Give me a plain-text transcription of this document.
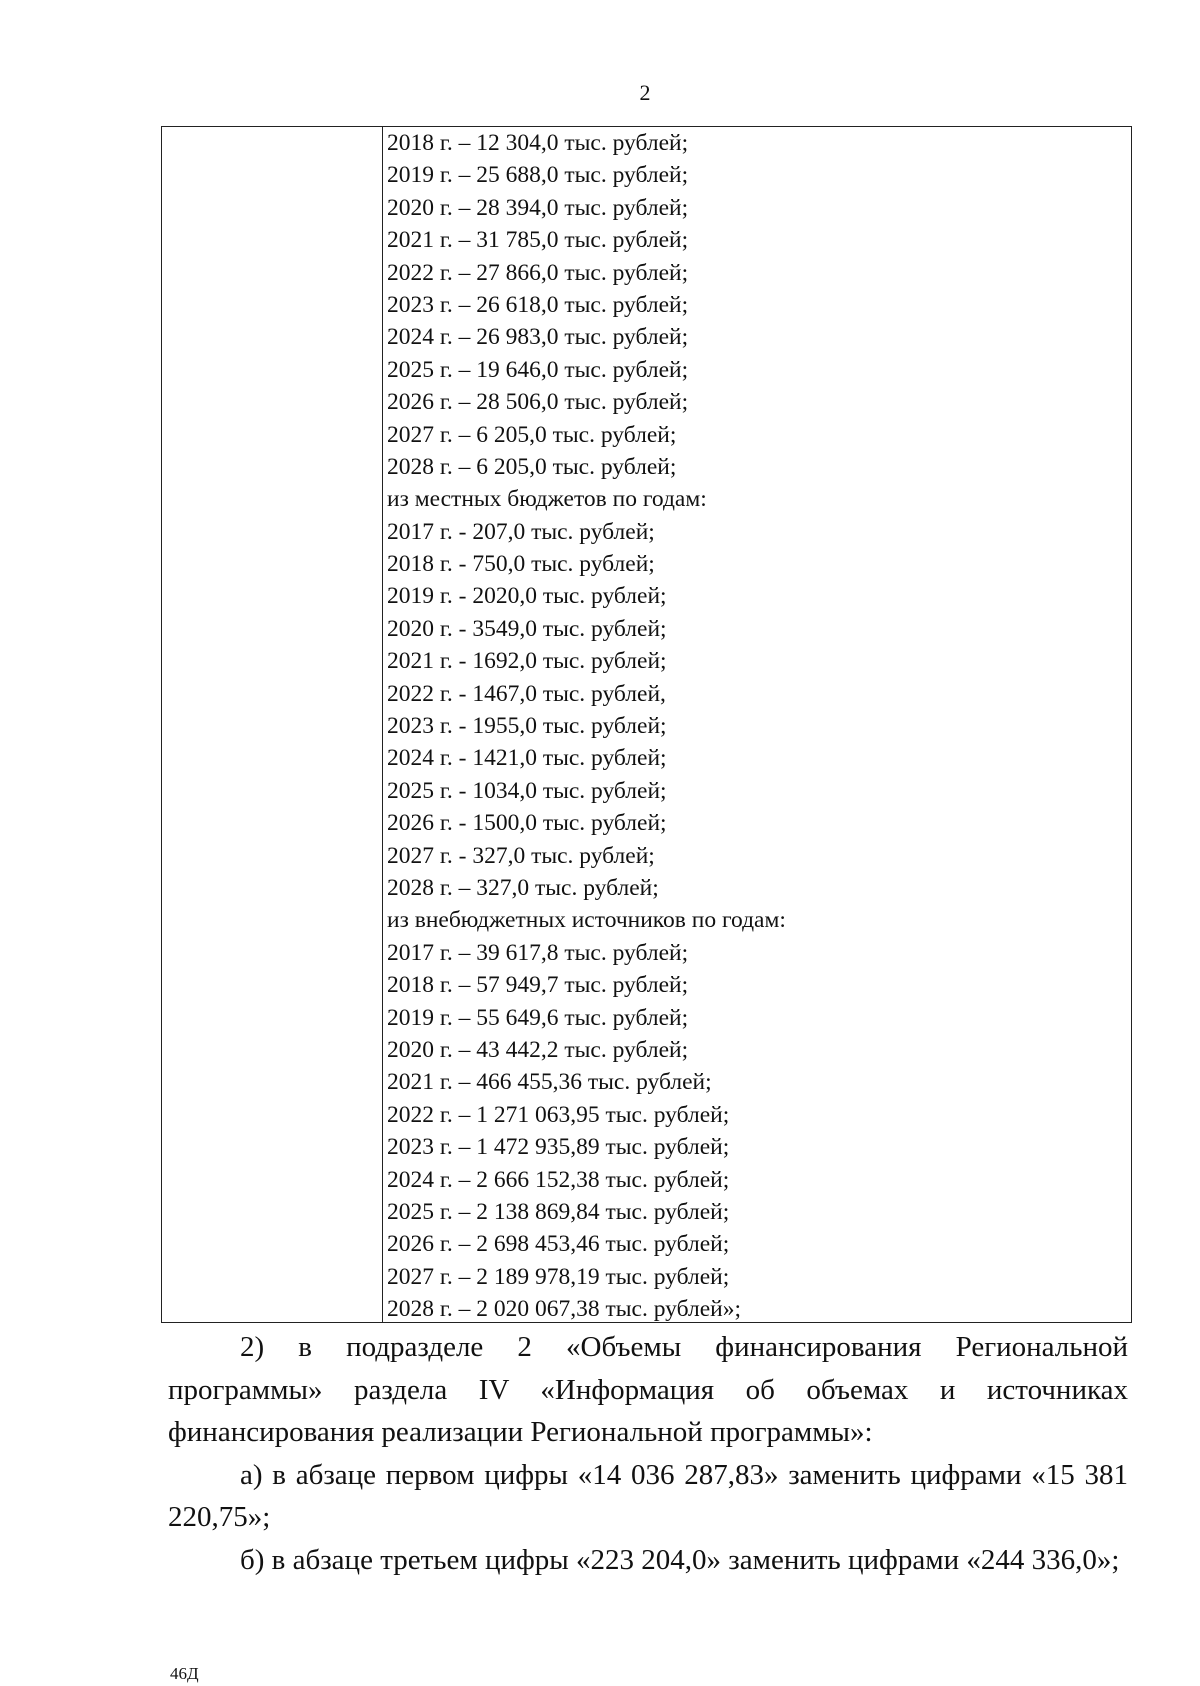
2
2018 г. – 12 304,0 тыс. рублей;
2019 г. – 25 688,0 тыс. рублей;
2020 г. – 28 394,0 тыс. рублей;
2021 г. – 31 785,0 тыс. рублей;
2022 г. – 27 866,0 тыс. рублей;
2023 г. – 26 618,0 тыс. рублей;
2024 г. – 26 983,0 тыс. рублей;
2025 г. – 19 646,0 тыс. рублей;
2026 г. – 28 506,0 тыс. рублей;
2027 г. – 6 205,0 тыс. рублей;
2028 г. – 6 205,0 тыс. рублей;
из местных бюджетов по годам:
2017 г. - 207,0 тыс. рублей;
2018 г. - 750,0 тыс. рублей;
2019 г. - 2020,0 тыс. рублей;
2020 г. - 3549,0 тыс. рублей;
2021 г. - 1692,0 тыс. рублей;
2022 г. - 1467,0 тыс. рублей,
2023 г. - 1955,0 тыс. рублей;
2024 г. - 1421,0 тыс. рублей;
2025 г. - 1034,0 тыс. рублей;
2026 г. - 1500,0 тыс. рублей;
2027 г. - 327,0 тыс. рублей;
2028 г. – 327,0 тыс. рублей;
из внебюджетных источников по годам:
2017 г. – 39 617,8 тыс. рублей;
2018 г. – 57 949,7 тыс. рублей;
2019 г. – 55 649,6 тыс. рублей;
2020 г. – 43 442,2 тыс. рублей;
2021 г. – 466 455,36 тыс. рублей;
2022 г. – 1 271 063,95 тыс. рублей;
2023 г. – 1 472 935,89 тыс. рублей;
2024 г. – 2 666 152,38 тыс. рублей;
2025 г. – 2 138 869,84 тыс. рублей;
2026 г. – 2 698 453,46 тыс. рублей;
2027 г. – 2 189 978,19 тыс. рублей;
2028 г. – 2 020 067,38 тыс. рублей»;

2) в подразделе 2 «Объемы финансирования Региональной программы» раздела IV «Информация об объемах и источниках финансирования реализации Региональной программы»:

а) в абзаце первом цифры «14 036 287,83» заменить цифрами «15 381 220,75»;

б) в абзаце третьем цифры «223 204,0» заменить цифрами «244 336,0»;

46Д
